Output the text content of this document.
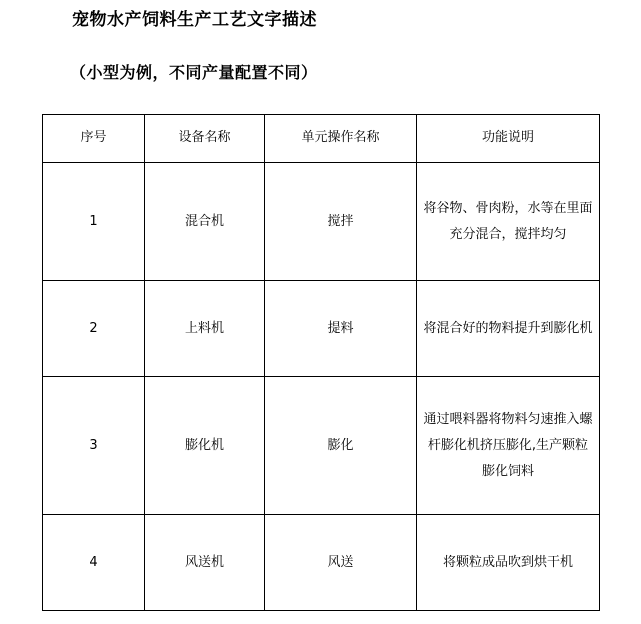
宠物水产饲料生产工艺文字描述
（小型为例，不同产量配置不同）
序号	设备名称	单元操作名称	功能说明
1	混合机	搅拌	将谷物、骨肉粉，水等在里面充分混合，搅拌均匀
2	上料机	提料	将混合好的物料提升到膨化机
3	膨化机	膨化	通过喂料器将物料匀速推入螺杆膨化机挤压膨化,生产颗粒膨化饲料
4	风送机	风送	将颗粒成品吹到烘干机
